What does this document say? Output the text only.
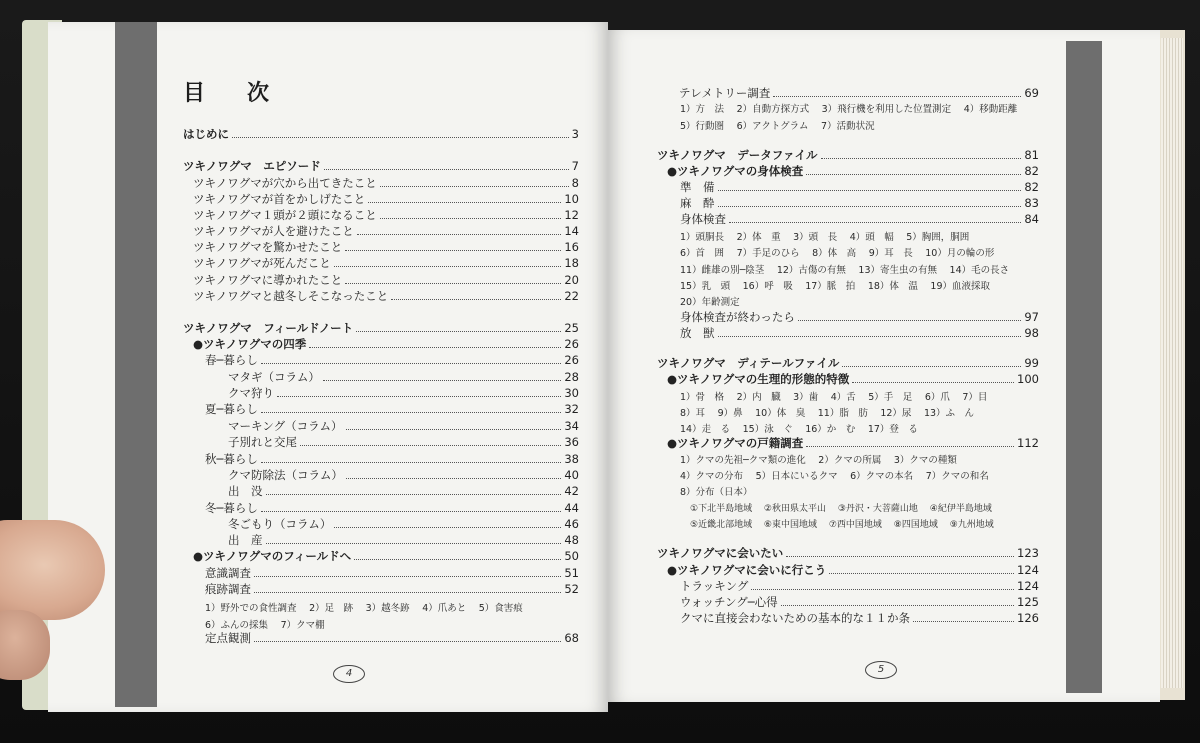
目　次
はじめに	3
ツキノワグマ　エピソード	7
ツキノワグマが穴から出てきたこと	8
ツキノワグマが首をかしげたこと	10
ツキノワグマ１頭が２頭になること	12
ツキノワグマが人を避けたこと	14
ツキノワグマを驚かせたこと	16
ツキノワグマが死んだこと	18
ツキノワグマに導かれたこと	20
ツキノワグマと越冬しそこなったこと	22
ツキノワグマ　フィールドノート	25
●ツキノワグマの四季	26
春─暮らし	26
マタギ（コラム）	28
クマ狩り	30
夏─暮らし	32
マーキング（コラム）	34
子別れと交尾	36
秋─暮らし	38
クマ防除法（コラム）	40
出　没	42
冬─暮らし	44
冬ごもり（コラム）	46
出　産	48
●ツキノワグマのフィールドへ	50
意識調査	51
痕跡調査	52
1）野外での食性調査　 2）足　跡　 3）越冬跡　 4）爪あと　 5）食害痕
6）ふんの採集　 7）クマ棚
定点観測	68
4
テレメトリー調査	69
1）方　法　 2）自動方探方式　 3）飛行機を利用した位置測定　 4）移動距離
5）行動圏　 6）アクトグラム　 7）活動状況
ツキノワグマ　データファイル	81
●ツキノワグマの身体検査	82
準　備	82
麻　酔	83
身体検査	84
1）頭胴長　 2）体　重　 3）頭　長　 4）頭　幅　 5）胸囲，胴囲
6）首　囲　 7）手足のひら　 8）体　高　 9）耳　長　 10）月の輪の形
11）雌雄の別─陰茎　 12）古傷の有無　 13）寄生虫の有無　 14）毛の長さ
15）乳　頭　 16）呼　吸　 17）脈　拍　 18）体　温　 19）血液採取
20）年齢測定
身体検査が終わったら	97
放　獣	98
ツキノワグマ　ディテールファイル	99
●ツキノワグマの生理的形態的特徴	100
1）骨　格　 2）内　臓　 3）歯　 4）舌　 5）手　足　 6）爪　 7）目
8）耳　 9）鼻　 10）体　臭　 11）脂　肪　 12）尿　 13）ふ　ん
14）走　る　 15）泳　ぐ　 16）か　む　 17）登　る
●ツキノワグマの戸籍調査	112
1）クマの先祖─クマ類の進化　 2）クマの所属　 3）クマの種類
4）クマの分布　 5）日本にいるクマ　 6）クマの本名　 7）クマの和名
8）分布（日本）
①下北半島地域　 ②秋田県太平山　 ③丹沢・大菩薩山地　 ④紀伊半島地域
⑤近畿北部地域　 ⑥東中国地域　 ⑦西中国地域　 ⑧四国地域　 ⑨九州地域
ツキノワグマに会いたい	123
●ツキノワグマに会いに行こう	124
トラッキング	124
ウォッチング─心得	125
クマに直接会わないための基本的な１１か条	126
5
